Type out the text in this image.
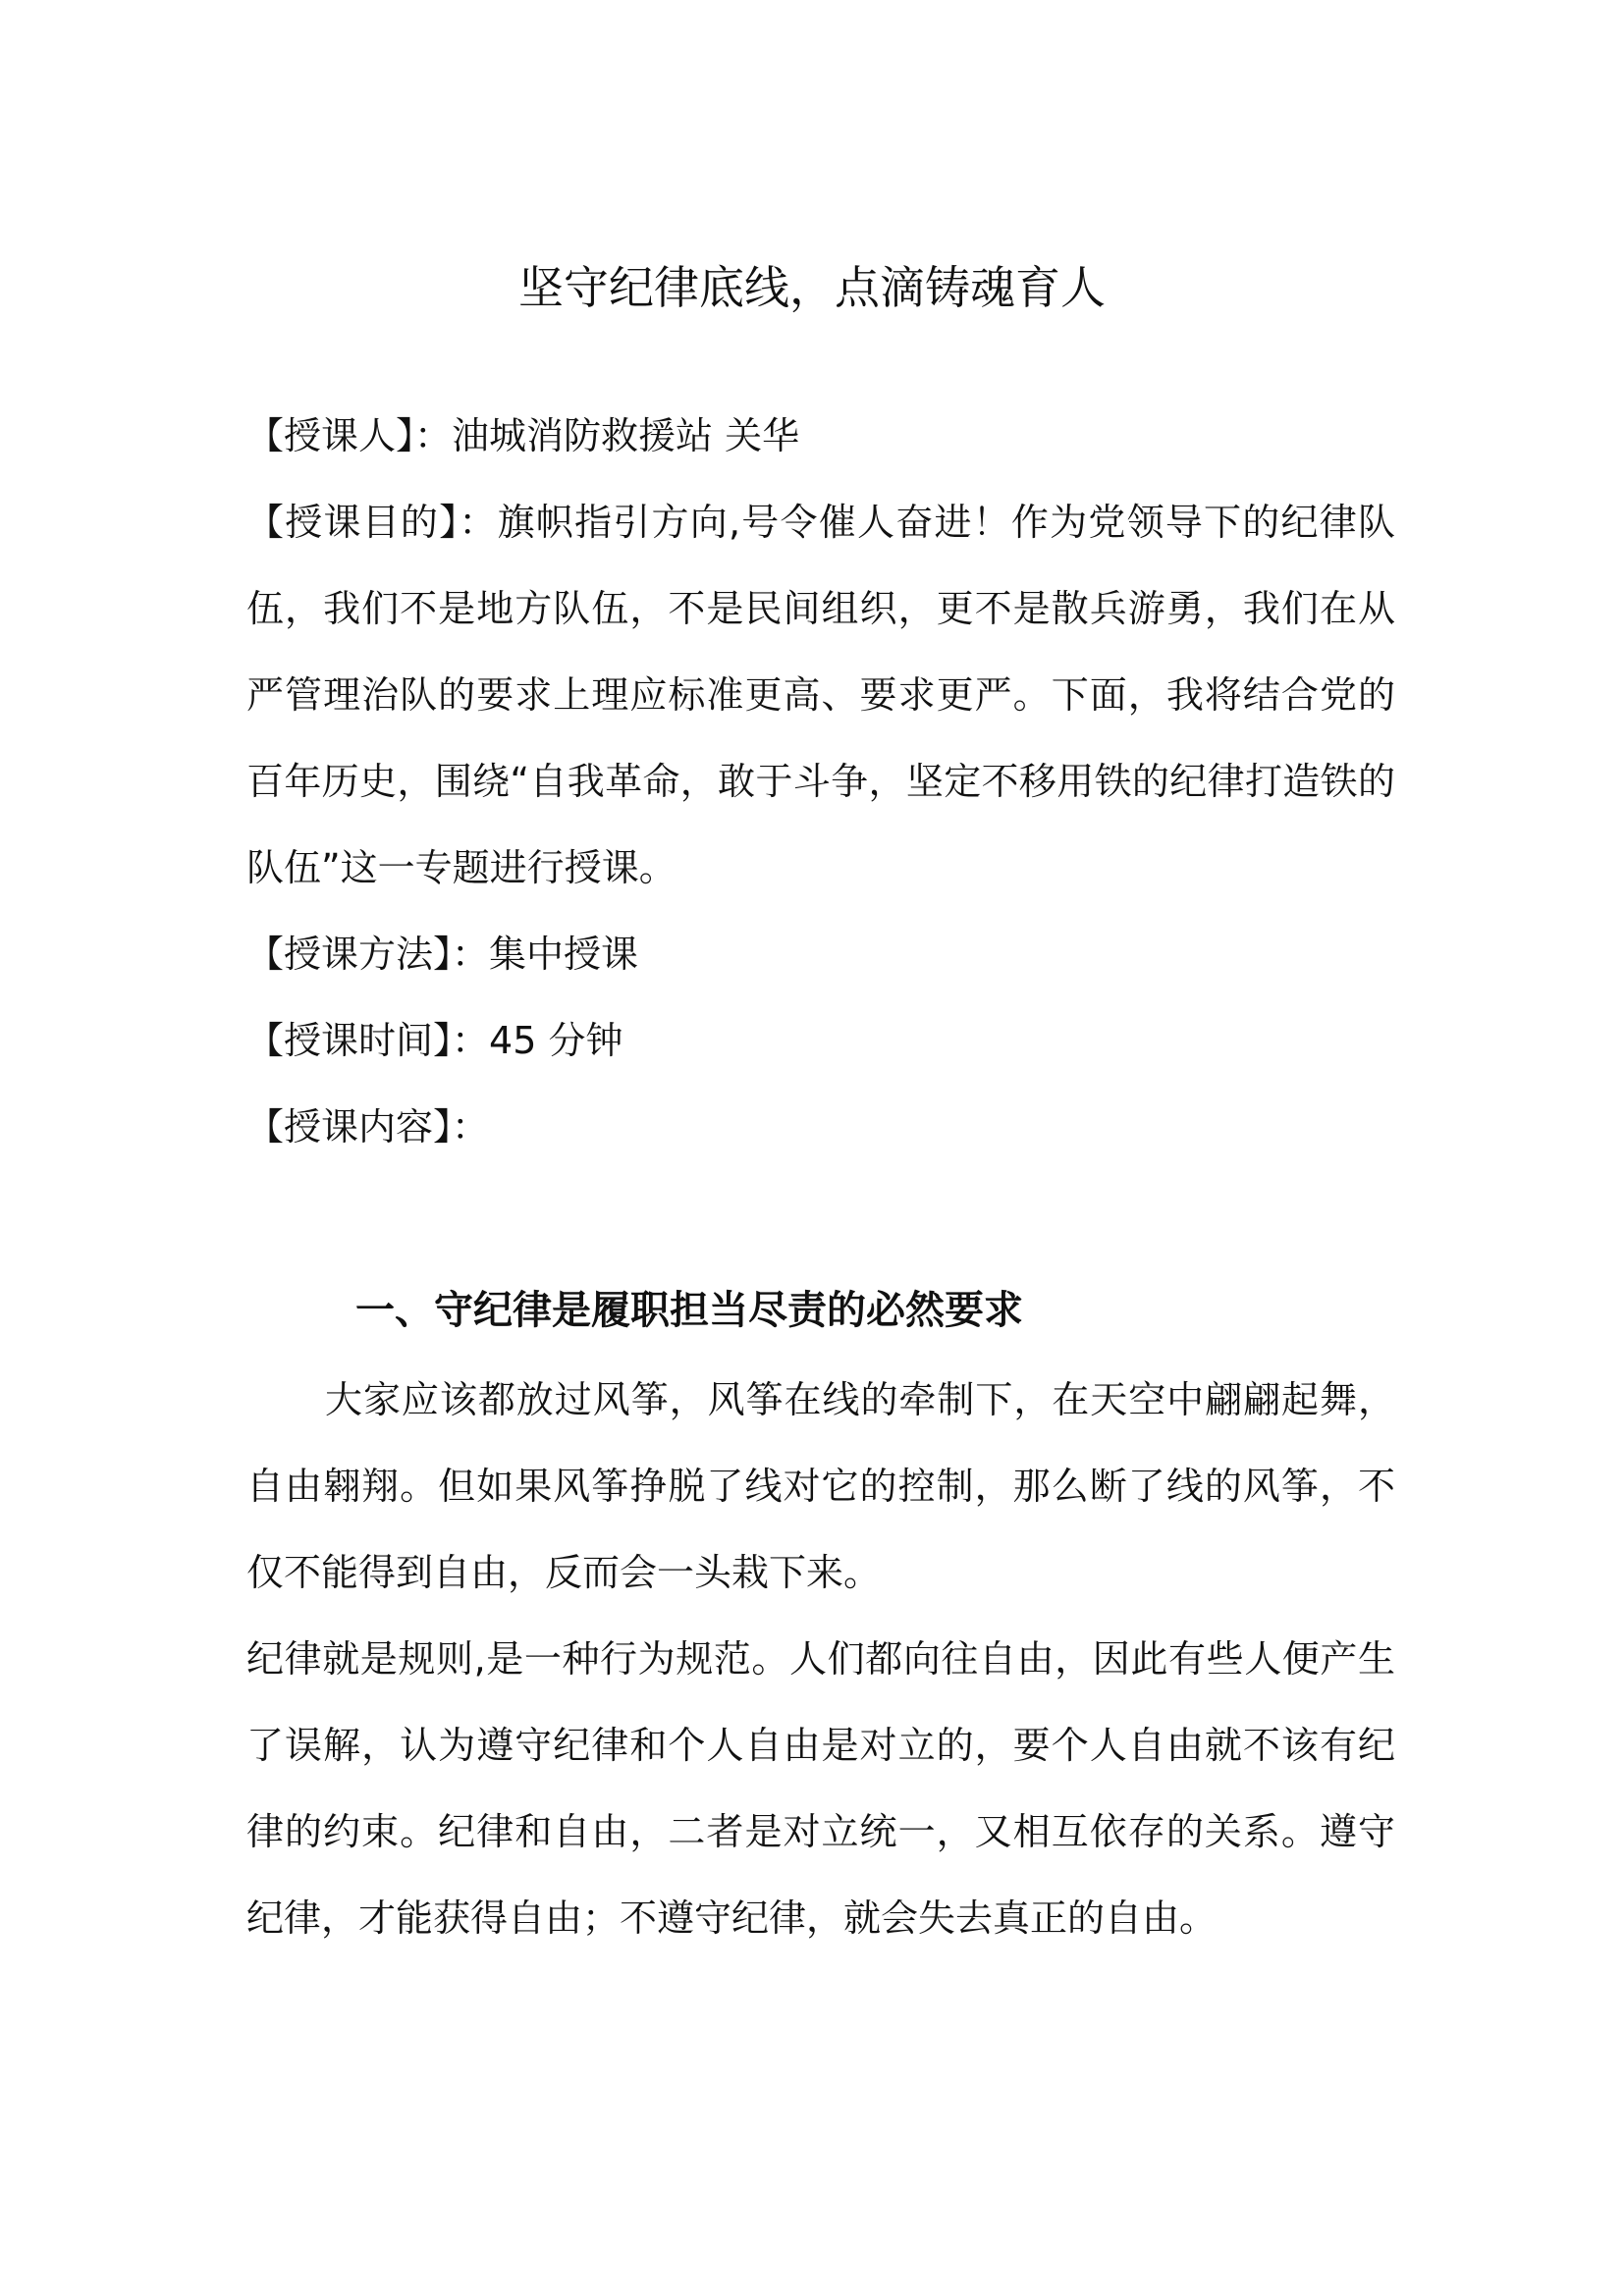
坚守纪律底线，点滴铸魂育人

【授课人】：油城消防救援站 关华

【授课目的】：旗帜指引方向,号令催人奋进！作为党领导下的纪律队伍，我们不是地方队伍，不是民间组织，更不是散兵游勇，我们在从严管理治队的要求上理应标准更高、要求更严。下面，我将结合党的百年历史，围绕“自我革命，敢于斗争，坚定不移用铁的纪律打造铁的队伍”这一专题进行授课。

【授课方法】：集中授课

【授课时间】：45 分钟

【授课内容】：

一、守纪律是履职担当尽责的必然要求

大家应该都放过风筝，风筝在线的牵制下，在天空中翩翩起舞，自由翱翔。但如果风筝挣脱了线对它的控制，那么断了线的风筝，不仅不能得到自由，反而会一头栽下来。

纪律就是规则,是一种行为规范。人们都向往自由，因此有些人便产生了误解，认为遵守纪律和个人自由是对立的，要个人自由就不该有纪律的约束。纪律和自由，二者是对立统一，又相互依存的关系。遵守纪律，才能获得自由；不遵守纪律，就会失去真正的自由。
